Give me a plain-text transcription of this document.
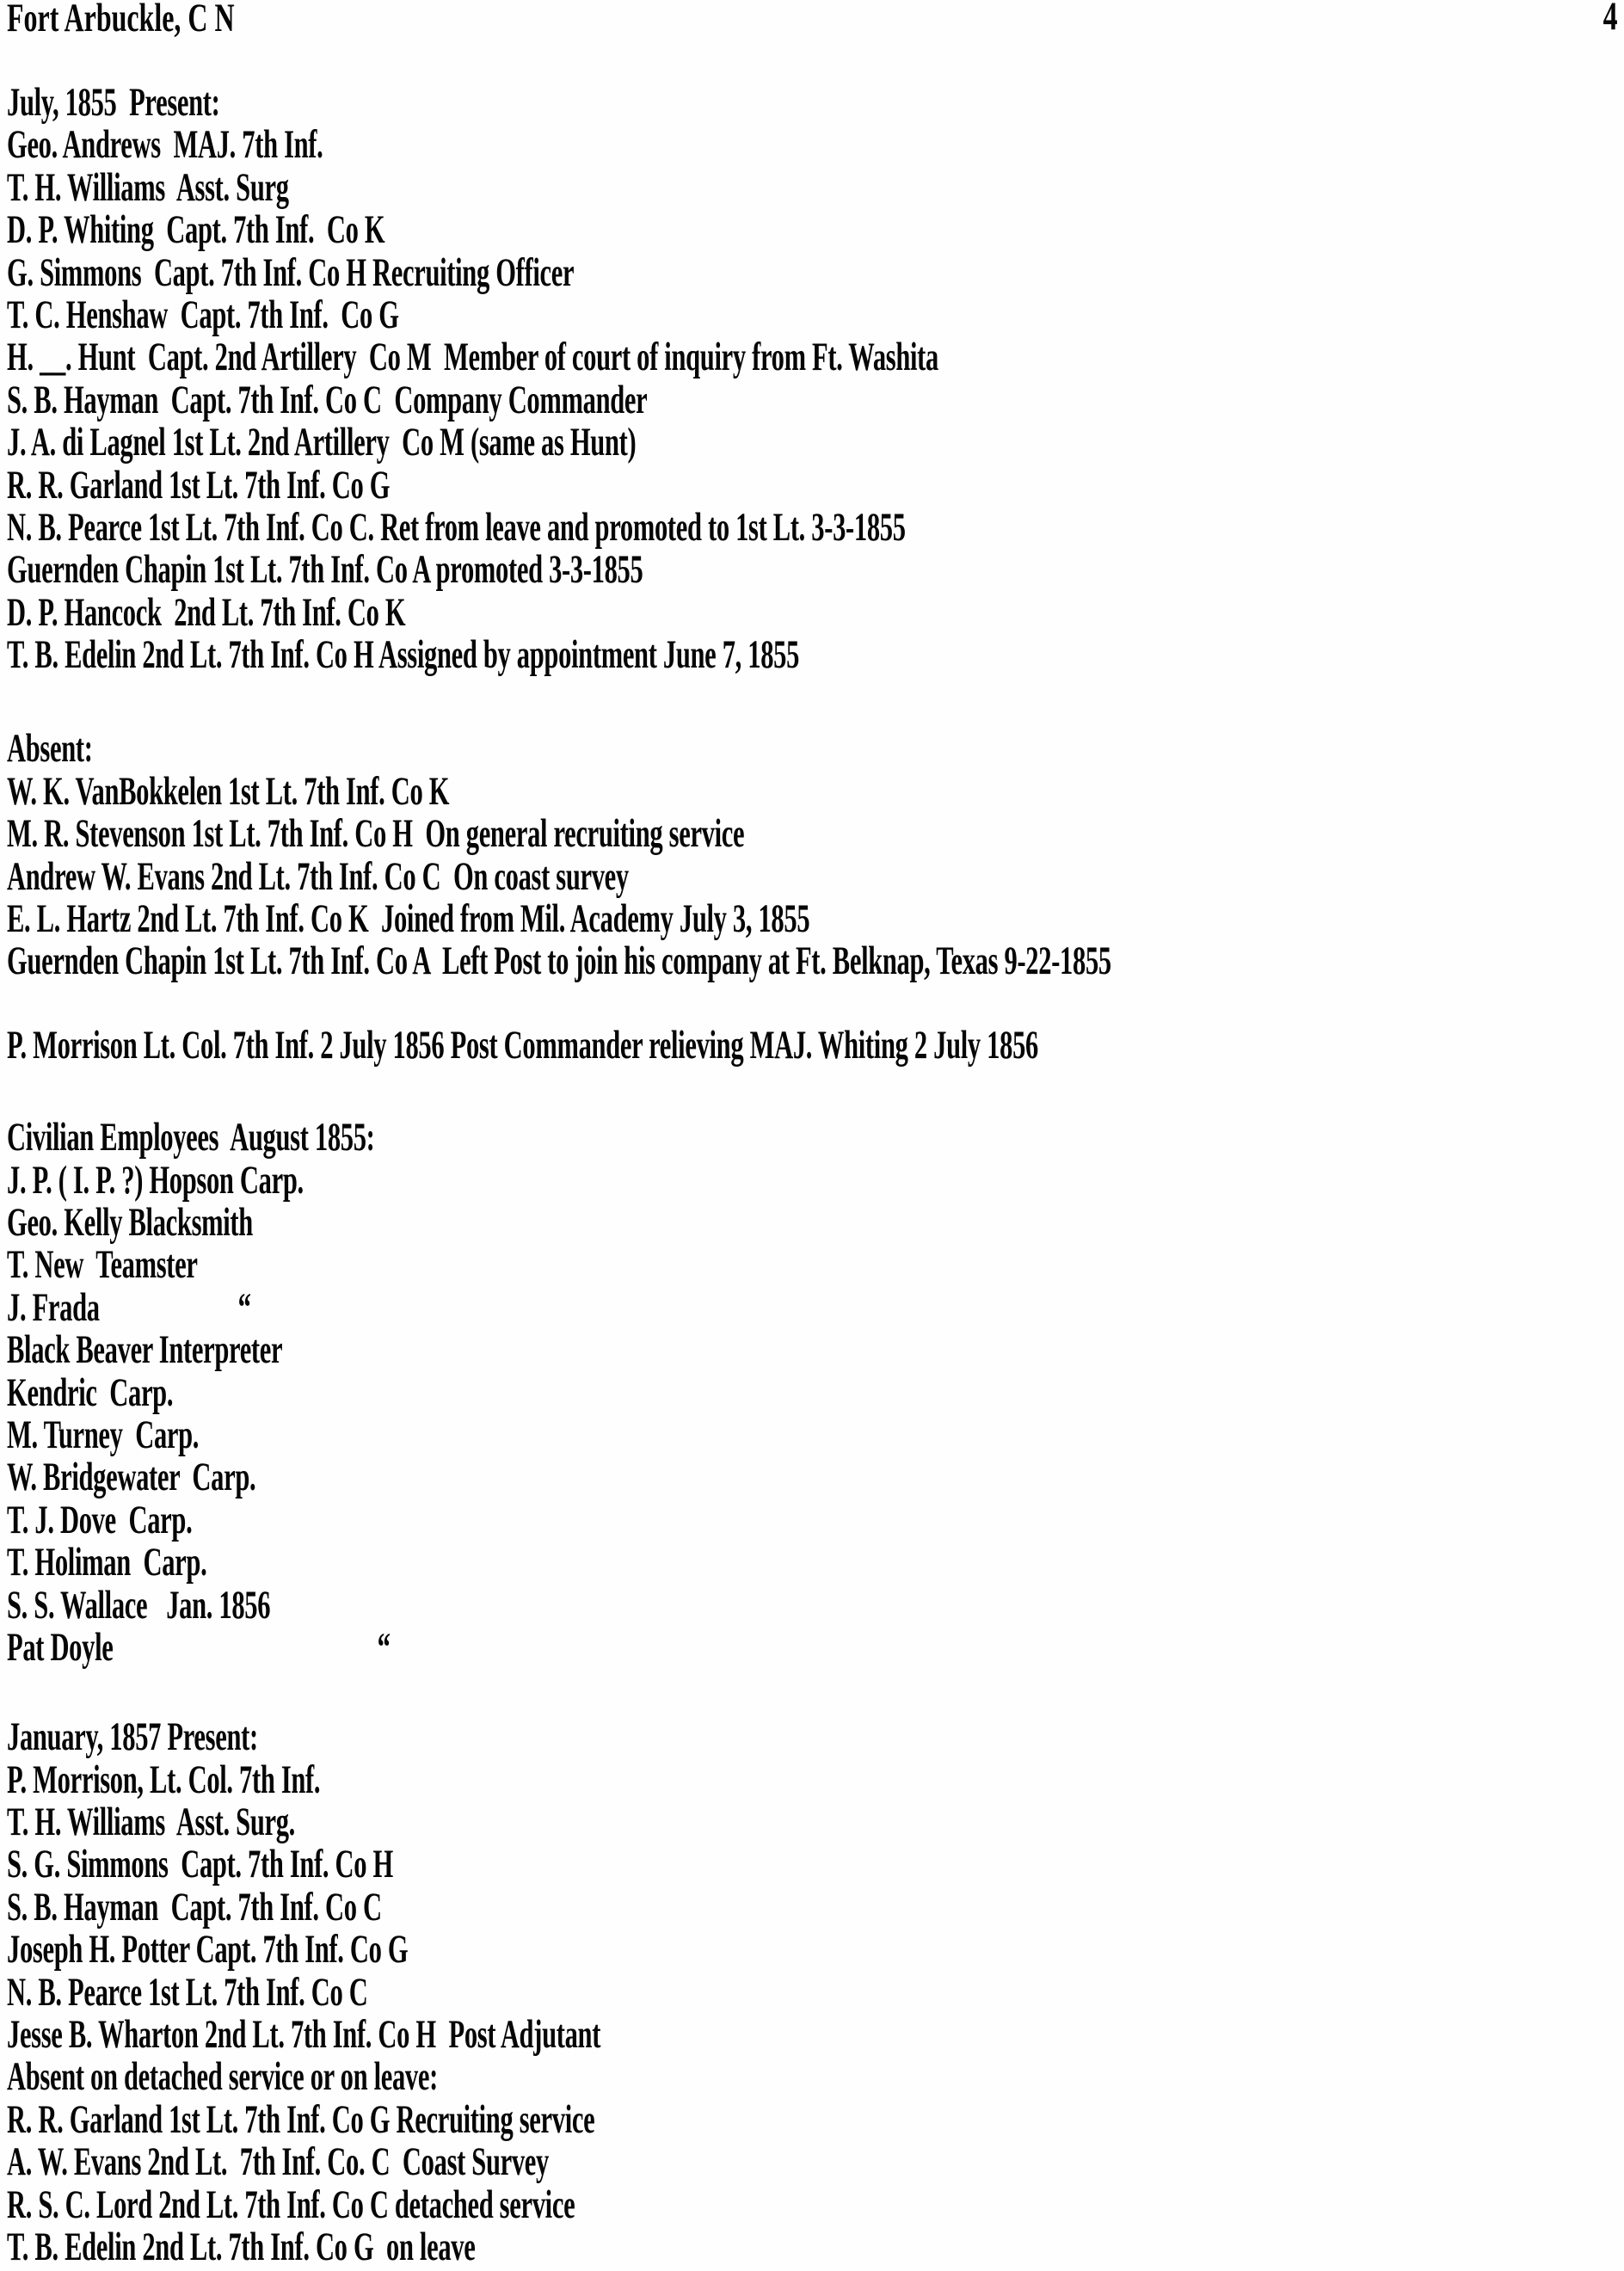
Fort Arbuckle, C N	4
July, 1855  Present:
Geo. Andrews  MAJ. 7th Inf.
T. H. Williams  Asst. Surg
D. P. Whiting  Capt. 7th Inf.  Co K
G. Simmons  Capt. 7th Inf. Co H Recruiting Officer
T. C. Henshaw  Capt. 7th Inf.  Co G
H. __. Hunt  Capt. 2nd Artillery  Co M  Member of court of inquiry from Ft. Washita
S. B. Hayman  Capt. 7th Inf. Co C  Company Commander
J. A. di Lagnel 1st Lt. 2nd Artillery  Co M (same as Hunt)
R. R. Garland 1st Lt. 7th Inf. Co G
N. B. Pearce 1st Lt. 7th Inf. Co C. Ret from leave and promoted to 1st Lt. 3-3-1855
Guernden Chapin 1st Lt. 7th Inf. Co A promoted 3-3-1855
D. P. Hancock  2nd Lt. 7th Inf. Co K
T. B. Edelin 2nd Lt. 7th Inf. Co H Assigned by appointment June 7, 1855
Absent:
W. K. VanBokkelen 1st Lt. 7th Inf. Co K
M. R. Stevenson 1st Lt. 7th Inf. Co H  On general recruiting service
Andrew W. Evans 2nd Lt. 7th Inf. Co C  On coast survey
E. L. Hartz 2nd Lt. 7th Inf. Co K  Joined from Mil. Academy July 3, 1855
Guernden Chapin 1st Lt. 7th Inf. Co A  Left Post to join his company at Ft. Belknap, Texas 9-22-1855
P. Morrison Lt. Col. 7th Inf. 2 July 1856 Post Commander relieving MAJ. Whiting 2 July 1856
Civilian Employees  August 1855:
J. P. ( I. P. ?) Hopson Carp.
Geo. Kelly Blacksmith
T. New  Teamster
J. Frada                      “
Black Beaver Interpreter
Kendric  Carp.
M. Turney  Carp.
W. Bridgewater  Carp.
T. J. Dove  Carp.
T. Holiman  Carp.
S. S. Wallace   Jan. 1856
Pat Doyle                                          “
January, 1857 Present:
P. Morrison, Lt. Col. 7th Inf.
T. H. Williams  Asst. Surg.
S. G. Simmons  Capt. 7th Inf. Co H
S. B. Hayman  Capt. 7th Inf. Co C
Joseph H. Potter Capt. 7th Inf. Co G
N. B. Pearce 1st Lt. 7th Inf. Co C
Jesse B. Wharton 2nd Lt. 7th Inf. Co H  Post Adjutant
Absent on detached service or on leave:
R. R. Garland 1st Lt. 7th Inf. Co G Recruiting service
A. W. Evans 2nd Lt.  7th Inf. Co. C  Coast Survey
R. S. C. Lord 2nd Lt. 7th Inf. Co C detached service
T. B. Edelin 2nd Lt. 7th Inf. Co G  on leave
